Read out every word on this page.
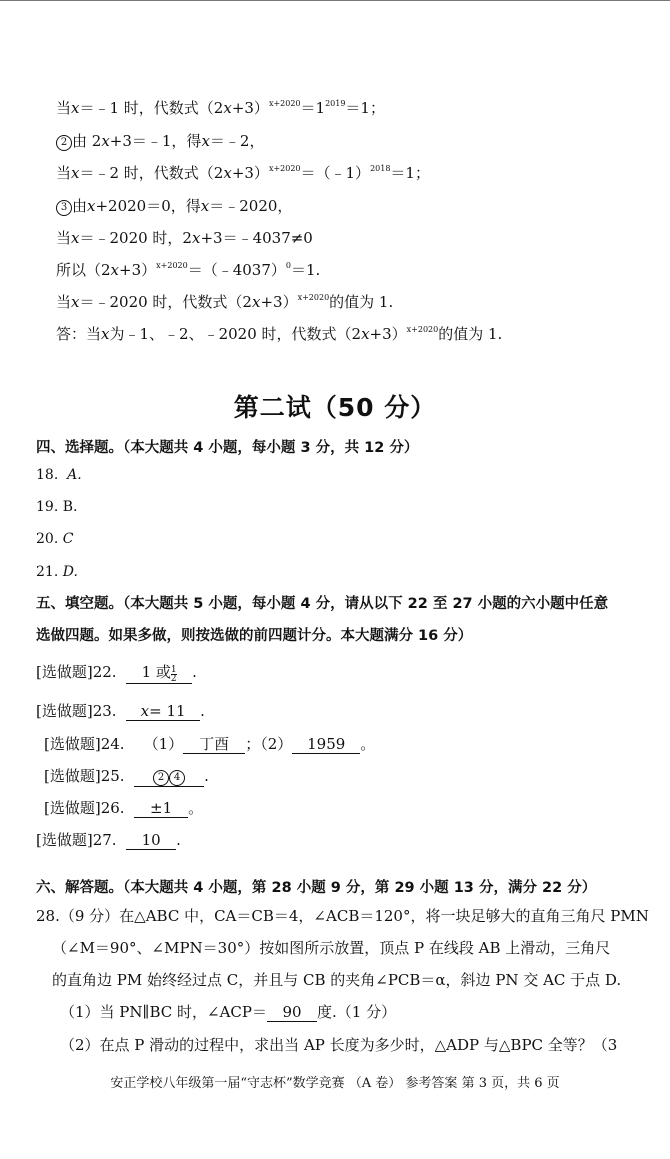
当x＝﹣1 时，代数式$(2x+3)^{x+2020}=1^{2019}=1$；
2 由 2x+3＝﹣1，得x＝﹣2，
当x＝﹣2 时，代数式$(2x+3)^{x+2020}=(﹣1)^{2018}=1$；
3 由x+2020＝0，得x＝﹣2020，
当x＝﹣2020 时，2x+3＝﹣4037≠0
所以$(2x+3)^{x+2020}=(﹣4037)^0=1$.
当x＝﹣2020 时，代数式$(2x+3)^{x+2020}$的值为 1.
答：当x为﹣1、﹣2、﹣2020 时，代数式$(2x+3)^{x+2020}$的值为 1.
第二试（50 分）
四、选择题。（本大题共 4 小题，每小题 3 分，共 12 分）
18. A.
19. B.
20. C
21. D.
五、填空题。（本大题共 5 小题，每小题 4 分，请从以下 22 至 27 小题的六小题中任意
选做四题。如果多做，则按选做的前四题计分。本大题满分 16 分）
[选做题]22. 1 或 $\frac{1}{2}$ .
[选做题]23. x= 11 .
[选做题]24. （1） 丁酉 ；（2） 1959 。
[选做题]25.	2 4 .
[选做题]26. ±1 。
[选做题]27. 10 .
六、解答题。（本大题共 4 小题，第 28 小题 9 分，第 29 小题 13 分，满分 22 分）
28.（9 分）在△ABC 中，CA＝CB＝4，∠ACB＝120°，将一块足够大的直角三角尺 PMN
（∠M＝90°、∠MPN＝30°）按如图所示放置，顶点 P 在线段 AB 上滑动，三角尺
的直角边 PM 始终经过点 C，并且与 CB 的夹角∠PCB＝α，斜边 PN 交 AC 于点 D.
（1）当 PN∥BC 时，∠ACP＝ 90 度.（1 分）
（2）在点 P 滑动的过程中，求出当 AP 长度为多少时，△ADP 与△BPC 全等？（3
安正学校八年级第一届“守志杯”数学竞赛 （A 卷） 参考答案 第 3 页，共 6 页
